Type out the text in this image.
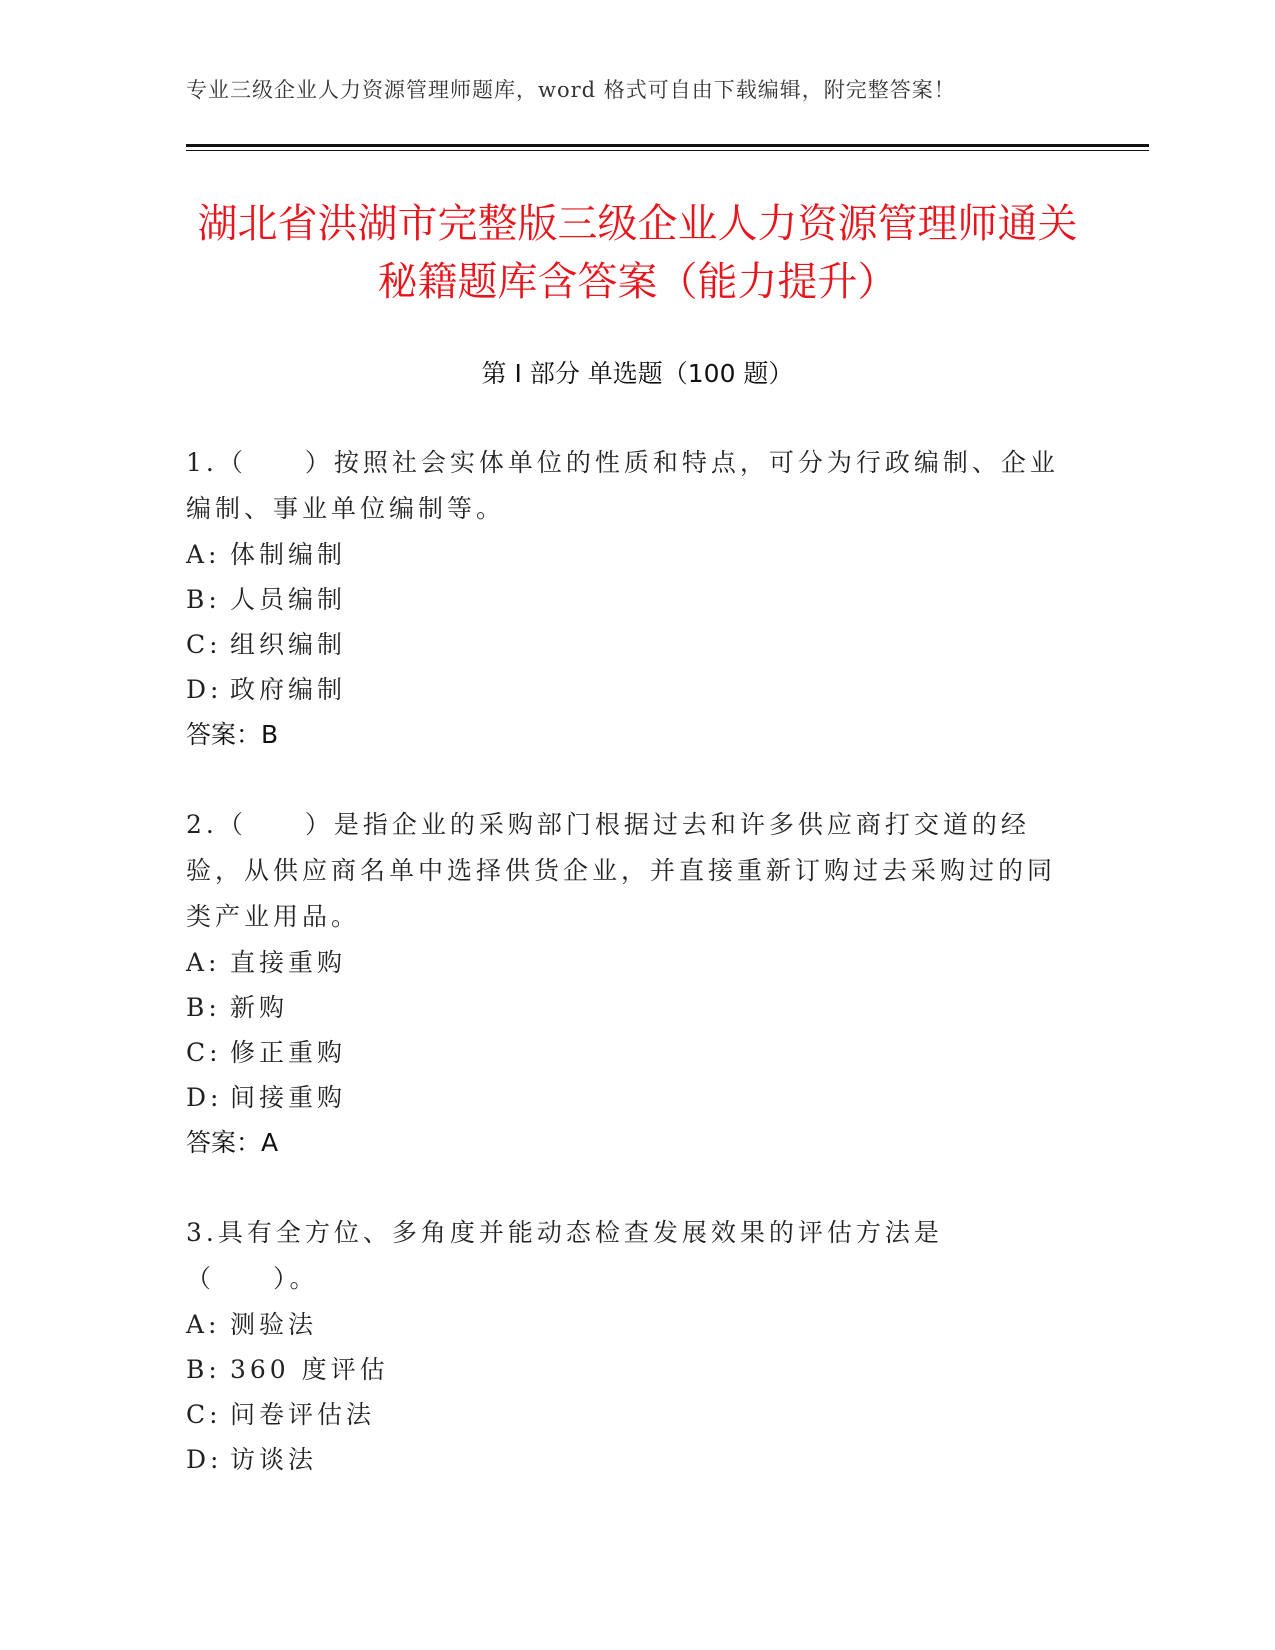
专业三级企业人力资源管理师题库，word 格式可自由下载编辑，附完整答案！
湖北省洪湖市完整版三级企业人力资源管理师通关秘籍题库含答案（能力提升）
第 I 部分 单选题（100 题）

1.（　　）按照社会实体单位的性质和特点，可分为行政编制、企业编制、事业单位编制等。

A: 体制编制

B: 人员编制

C: 组织编制

D: 政府编制

答案：B

2.（　　）是指企业的采购部门根据过去和许多供应商打交道的经验，从供应商名单中选择供货企业，并直接重新订购过去采购过的同类产业用品。

A: 直接重购

B: 新购

C: 修正重购

D: 间接重购

答案：A

3.具有全方位、多角度并能动态检查发展效果的评估方法是（　　）。

A: 测验法

B: 360 度评估

C: 问卷评估法

D: 访谈法
